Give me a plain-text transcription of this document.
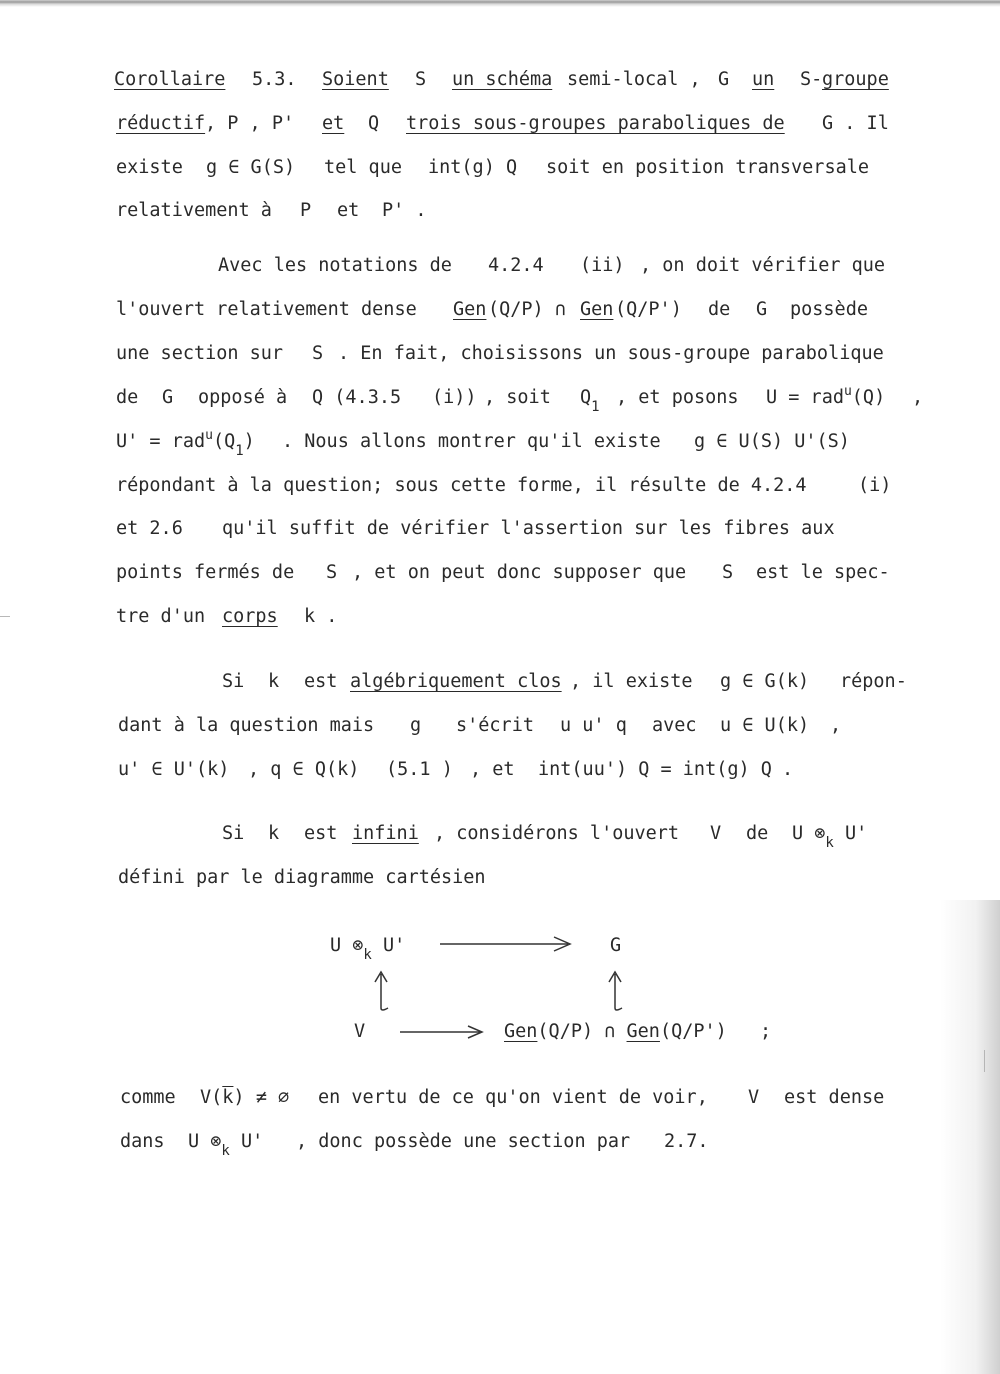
Corollaire 5.3. Soient S un schéma semi-local , G un S- groupe
réductif , P , P' et Q trois sous-groupes paraboliques de G . Il
existe g ∈ G(S) tel que int(g) Q soit en position transversale
relativement à P et P' .
Avec les notations de 4.2.4 (ii) , on doit vérifier que
l'ouvert relativement dense Gen (Q/P) ∩ Gen (Q/P') de G possède
une section sur S . En fait, choisissons un sous-groupe parabolique
de G opposé à Q (4.3.5 (i)) , soit $Q_1$ , et posons U = rad$^u$(Q) ,
$U' = rad^u(Q_1)$ . Nous allons montrer qu'il existe g ∈ U(S) U'(S)
répondant à la question; sous cette forme, il résulte de 4.2.4	(i)
et 2.6 qu'il suffit de vérifier l'assertion sur les fibres aux
points fermés de S , et on peut donc supposer que S est le spec-
tre d'un corps k .
Si k est algébriquement clos , il existe g ∈ G(k) répon-
dant à la question mais g s'écrit u u' q avec u ∈ U(k) ,
u' ∈ U'(k) , q ∈ Q(k) (5.1 ) , et int(uu') Q = int(g) Q .
Si k est infini , considérons l'ouvert V de U $\otimes_k$ U'
défini par le diagramme cartésien
U $\otimes_k$ U'	G
V	Gen(Q/P) ∩ Gen(Q/P') ;
comme $V(\overline{k})$ ≠ ∅ en vertu de ce qu'on vient de voir, V est dense
dans U $\otimes_k$ U' , donc possède une section par 2.7.
